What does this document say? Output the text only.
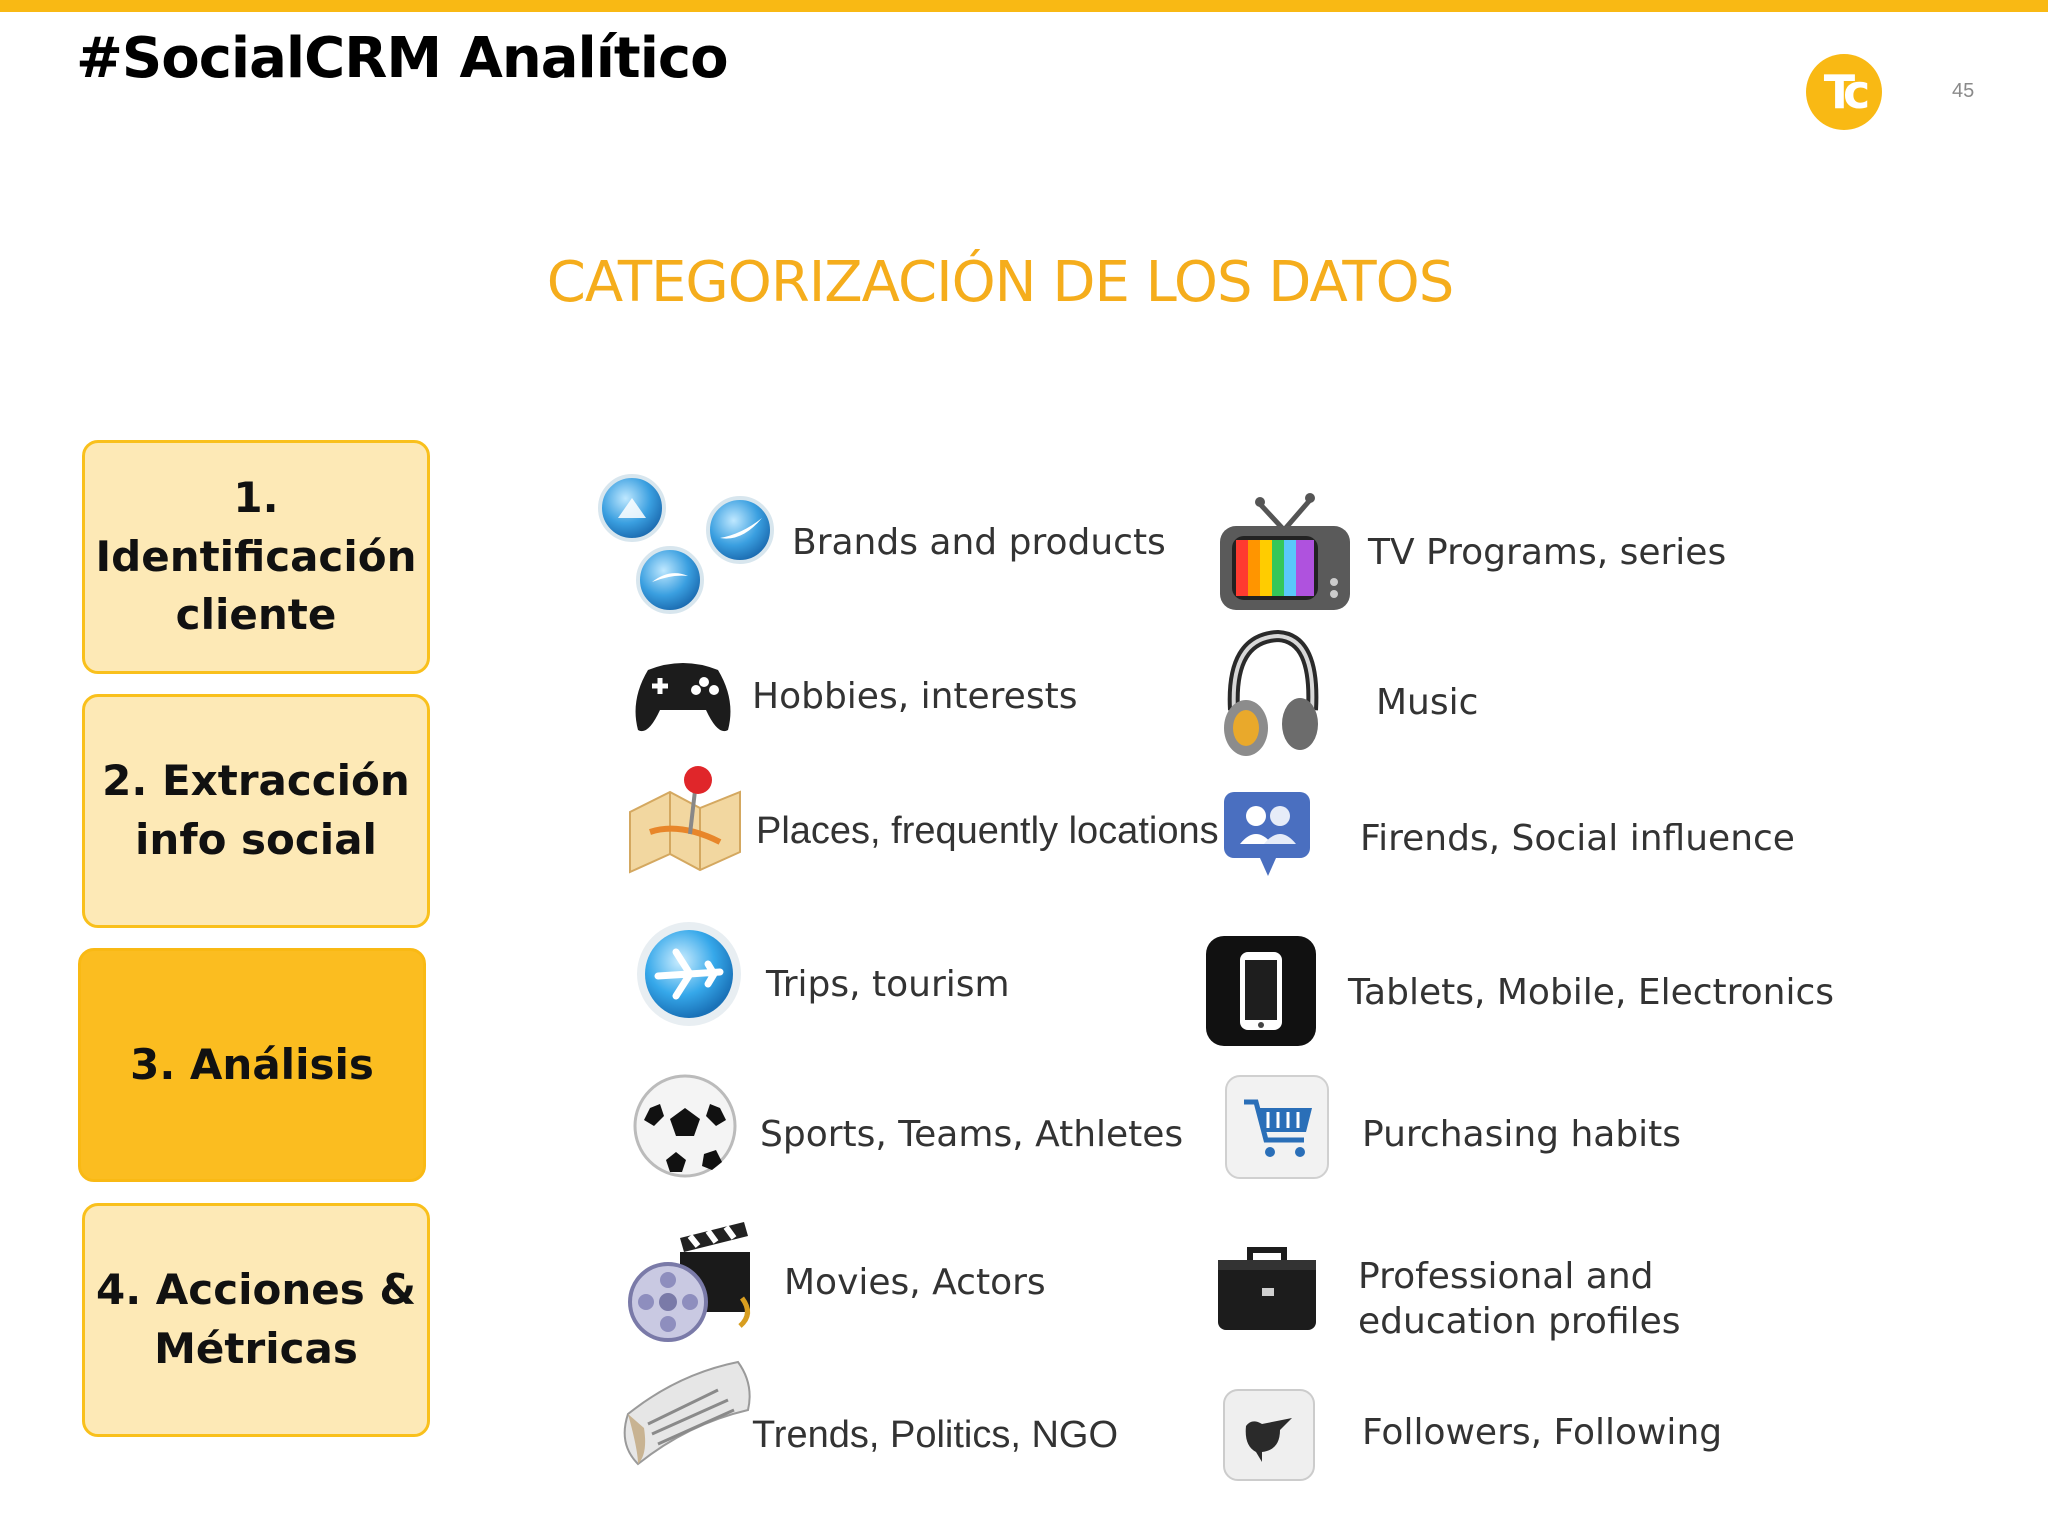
#SocialCRM Analítico
Tc	45
CATEGORIZACIÓN DE LOS DATOS
1. Identificación
cliente
2. Extracción
info social
3. Análisis
4. Acciones &
Métricas
Brands and products
Hobbies, interests
Places, frequently locations
Trips, tourism
Sports, Teams, Athletes
Movies, Actors
Trends, Politics, NGO
TV Programs, series
Music
Firends, Social influence
Tablets, Mobile, Electronics
Purchasing habits
Professional and education profiles
Followers, Following
